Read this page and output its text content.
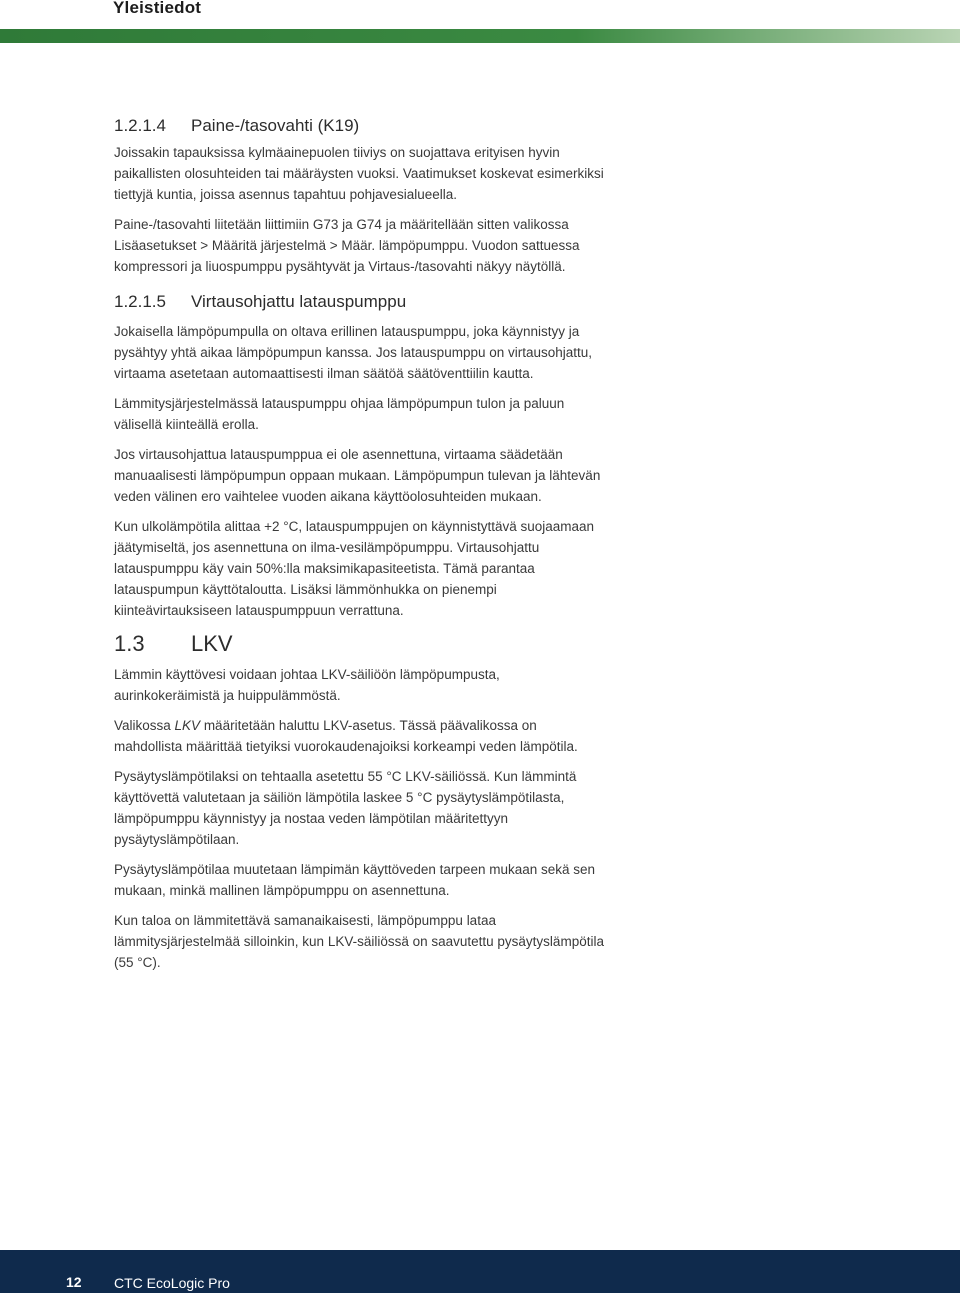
Yleistiedot
1.2.1.4 Paine-/tasovahti (K19)

Joissakin tapauksissa kylmäainepuolen tiiviys on suojattava erityisen hyvin paikallisten olosuhteiden tai määräysten vuoksi. Vaatimukset koskevat esimerkiksi tiettyjä kuntia, joissa asennus tapahtuu pohjavesialueella.

Paine-/tasovahti liitetään liittimiin G73 ja G74 ja määritellään sitten valikossa Lisäasetukset > Määritä järjestelmä > Määr. lämpöpumppu. Vuodon sattuessa kompressori ja liuospumppu pysähtyvät ja Virtaus-/tasovahti näkyy näytöllä.

1.2.1.5 Virtausohjattu latauspumppu

Jokaisella lämpöpumpulla on oltava erillinen latauspumppu, joka käynnistyy ja pysähtyy yhtä aikaa lämpöpumpun kanssa. Jos latauspumppu on virtausohjattu, virtaama asetetaan automaattisesti ilman säätöä säätöventtiilin kautta.

Lämmitysjärjestelmässä latauspumppu ohjaa lämpöpumpun tulon ja paluun välisellä kiinteällä erolla.

Jos virtausohjattua latauspumppua ei ole asennettuna, virtaama säädetään manuaalisesti lämpöpumpun oppaan mukaan. Lämpöpumpun tulevan ja lähtevän veden välinen ero vaihtelee vuoden aikana käyttöolosuhteiden mukaan.

Kun ulkolämpötila alittaa +2 °C, latauspumppujen on käynnistyttävä suojaamaan jäätymiseltä, jos asennettuna on ilma-vesilämpöpumppu. Virtausohjattu latauspumppu käy vain 50%:lla maksimikapasiteetista. Tämä parantaa latauspumpun käyttötaloutta. Lisäksi lämmönhukka on pienempi kiinteävirtauksiseen latauspumppuun verrattuna.

1.3 LKV

Lämmin käyttövesi voidaan johtaa LKV-säiliöön lämpöpumpusta, aurinkokeräimistä ja huippulämmöstä.

Valikossa LKV määritetään haluttu LKV-asetus. Tässä päävalikossa on mahdollista määrittää tietyiksi vuorokaudenajoiksi korkeampi veden lämpötila.

Pysäytyslämpötilaksi on tehtaalla asetettu 55 °C LKV-säiliössä. Kun lämmintä käyttövettä valutetaan ja säiliön lämpötila laskee 5 °C pysäytyslämpötilasta, lämpöpumppu käynnistyy ja nostaa veden lämpötilan määritettyyn pysäytyslämpötilaan.

Pysäytyslämpötilaa muutetaan lämpimän käyttöveden tarpeen mukaan sekä sen mukaan, minkä mallinen lämpöpumppu on asennettuna.

Kun taloa on lämmitettävä samanaikaisesti, lämpöpumppu lataa lämmitysjärjestelmää silloinkin, kun LKV-säiliössä on saavutettu pysäytyslämpötila (55 °C).

12 CTC EcoLogic Pro
